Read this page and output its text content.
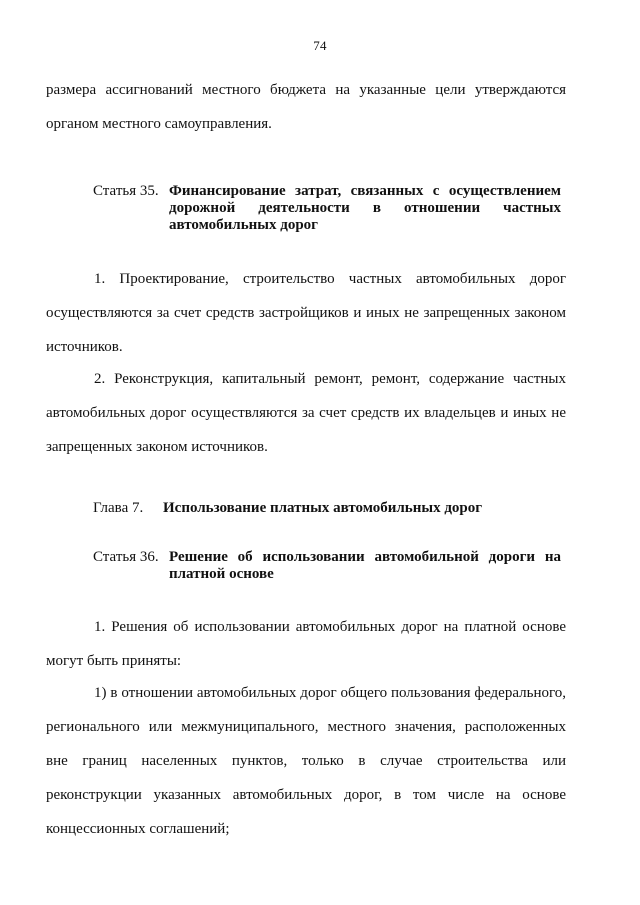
74
размера ассигнований местного бюджета на указанные цели утверждаются
органом местного самоуправления.
Статья 35. Финансирование затрат, связанных с осуществлением
дорожной деятельности в отношении частных
автомобильных дорог
1. Проектирование, строительство частных автомобильных дорог
осуществляются за счет средств застройщиков и иных не запрещенных законом
источников.
2. Реконструкция, капитальный ремонт, ремонт, содержание частных
автомобильных дорог осуществляются за счет средств их владельцев и иных не
запрещенных законом источников.
Глава 7. Использование платных автомобильных дорог
Статья 36. Решение об использовании автомобильной дороги на
платной основе
1. Решения об использовании автомобильных дорог на платной основе
могут быть приняты:
1) в отношении автомобильных дорог общего пользования федерального,
регионального или межмуниципального, местного значения, расположенных
вне границ населенных пунктов, только в случае строительства или
реконструкции указанных автомобильных дорог, в том числе на основе
концессионных соглашений;
